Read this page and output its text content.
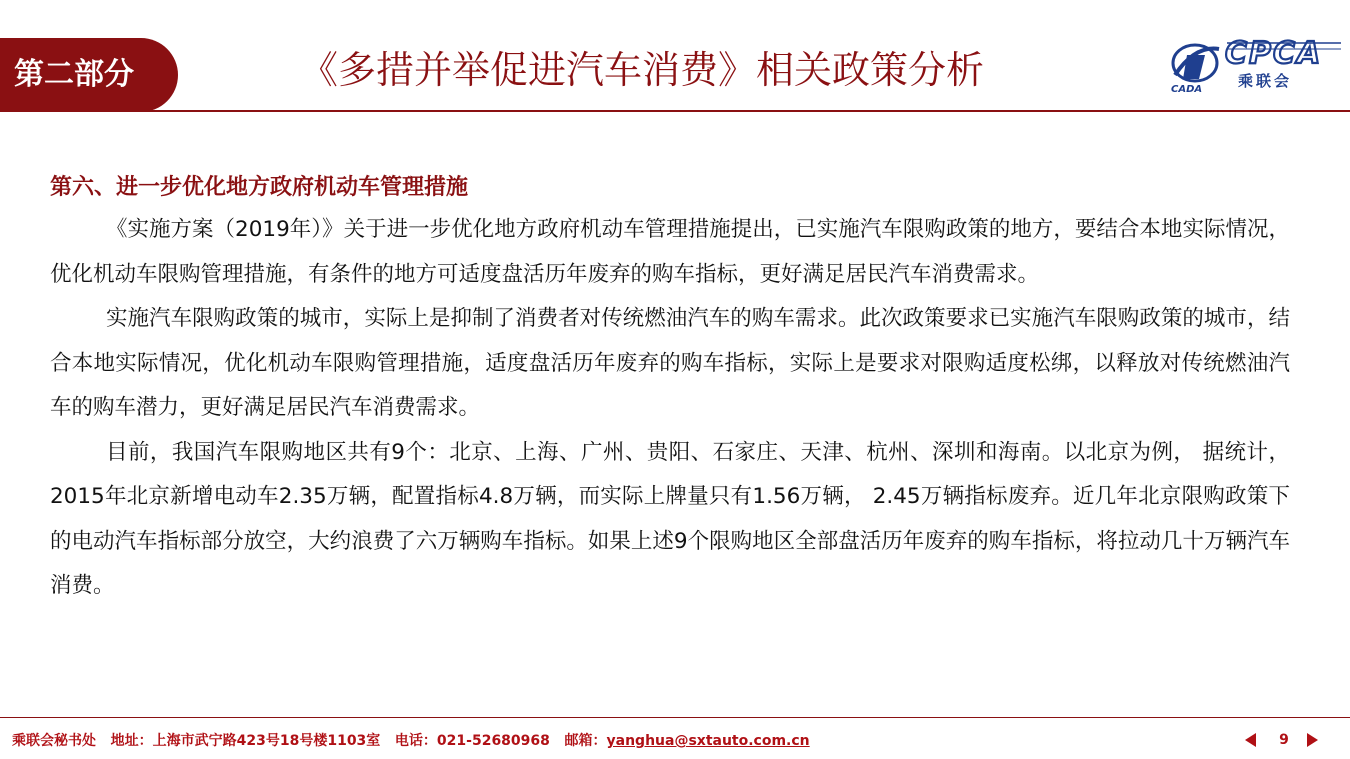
第二部分	《多措并举促进汽车消费》相关政策分析	CADA
CPCA
乘联会

第六、进一步优化地方政府机动车管理措施

《实施方案（2019年）》关于进一步优化地方政府机动车管理措施提出，已实施汽车限购政策的地方，要结合本地实际情况，优化机动车限购管理措施，有条件的地方可适度盘活历年废弃的购车指标，更好满足居民汽车消费需求。

实施汽车限购政策的城市，实际上是抑制了消费者对传统燃油汽车的购车需求。此次政策要求已实施汽车限购政策的城市，结合本地实际情况，优化机动车限购管理措施，适度盘活历年废弃的购车指标，实际上是要求对限购适度松绑，以释放对传统燃油汽车的购车潜力，更好满足居民汽车消费需求。

目前，我国汽车限购地区共有9个：北京、上海、广州、贵阳、石家庄、天津、杭州、深圳和海南。以北京为例， 据统计，2015年北京新增电动车2.35万辆，配置指标4.8万辆，而实际上牌量只有1.56万辆， 2.45万辆指标废弃。近几年北京限购政策下的电动汽车指标部分放空，大约浪费了六万辆购车指标。如果上述9个限购地区全部盘活历年废弃的购车指标，将拉动几十万辆汽车消费。

乘联会秘书处 地址：上海市武宁路423号18号楼1103室 电话：021-52680968 邮箱：yanghua@sxtauto.com.cn	9
